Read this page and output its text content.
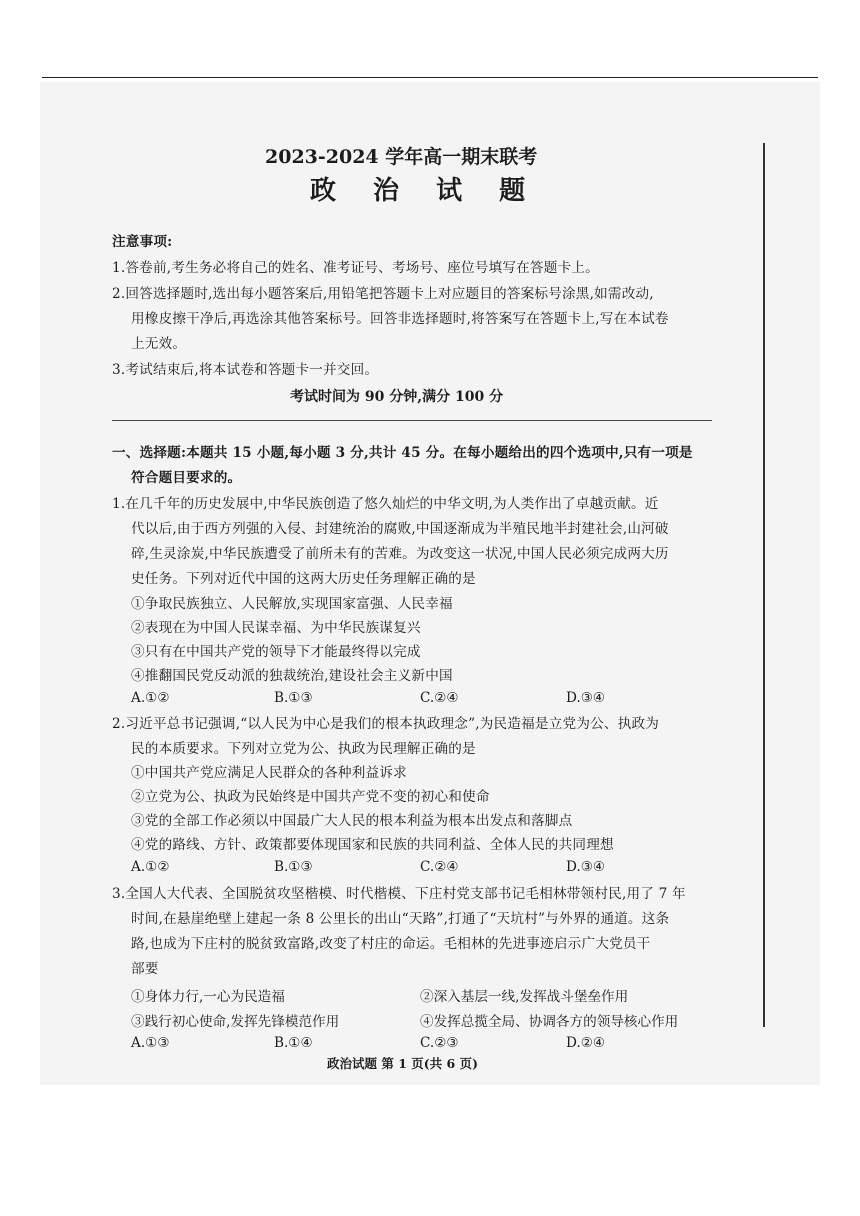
2023-2024 学年高一期末联考
政 治 试 题
注意事项:
1.答卷前,考生务必将自己的姓名、准考证号、考场号、座位号填写在答题卡上。
2.回答选择题时,选出每小题答案后,用铅笔把答题卡上对应题目的答案标号涂黑,如需改动,
用橡皮擦干净后,再选涂其他答案标号。回答非选择题时,将答案写在答题卡上,写在本试卷
上无效。
3.考试结束后,将本试卷和答题卡一并交回。
考试时间为 90 分钟,满分 100 分
一、选择题:本题共 15 小题,每小题 3 分,共计 45 分。在每小题给出的四个选项中,只有一项是
符合题目要求的。
1.在几千年的历史发展中,中华民族创造了悠久灿烂的中华文明,为人类作出了卓越贡献。近
代以后,由于西方列强的入侵、封建统治的腐败,中国逐渐成为半殖民地半封建社会,山河破
碎,生灵涂炭,中华民族遭受了前所未有的苦难。为改变这一状况,中国人民必须完成两大历
史任务。下列对近代中国的这两大历史任务理解正确的是
①争取民族独立、人民解放,实现国家富强、人民幸福
②表现在为中国人民谋幸福、为中华民族谋复兴
③只有在中国共产党的领导下才能最终得以完成
④推翻国民党反动派的独裁统治,建设社会主义新中国
A.①②	B.①③	C.②④	D.③④
2.习近平总书记强调,“以人民为中心是我们的根本执政理念”,为民造福是立党为公、执政为
民的本质要求。下列对立党为公、执政为民理解正确的是
①中国共产党应满足人民群众的各种利益诉求
②立党为公、执政为民始终是中国共产党不变的初心和使命
③党的全部工作必须以中国最广大人民的根本利益为根本出发点和落脚点
④党的路线、方针、政策都要体现国家和民族的共同利益、全体人民的共同理想
A.①②	B.①③	C.②④	D.③④
3.全国人大代表、全国脱贫攻坚楷模、时代楷模、下庄村党支部书记毛相林带领村民,用了 7 年
时间,在悬崖绝壁上建起一条 8 公里长的出山“天路”,打通了“天坑村”与外界的通道。这条
路,也成为下庄村的脱贫致富路,改变了村庄的命运。毛相林的先进事迹启示广大党员干
部要
①身体力行,一心为民造福	②深入基层一线,发挥战斗堡垒作用
③践行初心使命,发挥先锋模范作用	④发挥总揽全局、协调各方的领导核心作用
A.①③	B.①④	C.②③	D.②④
政治试题 第 1 页(共 6 页)
